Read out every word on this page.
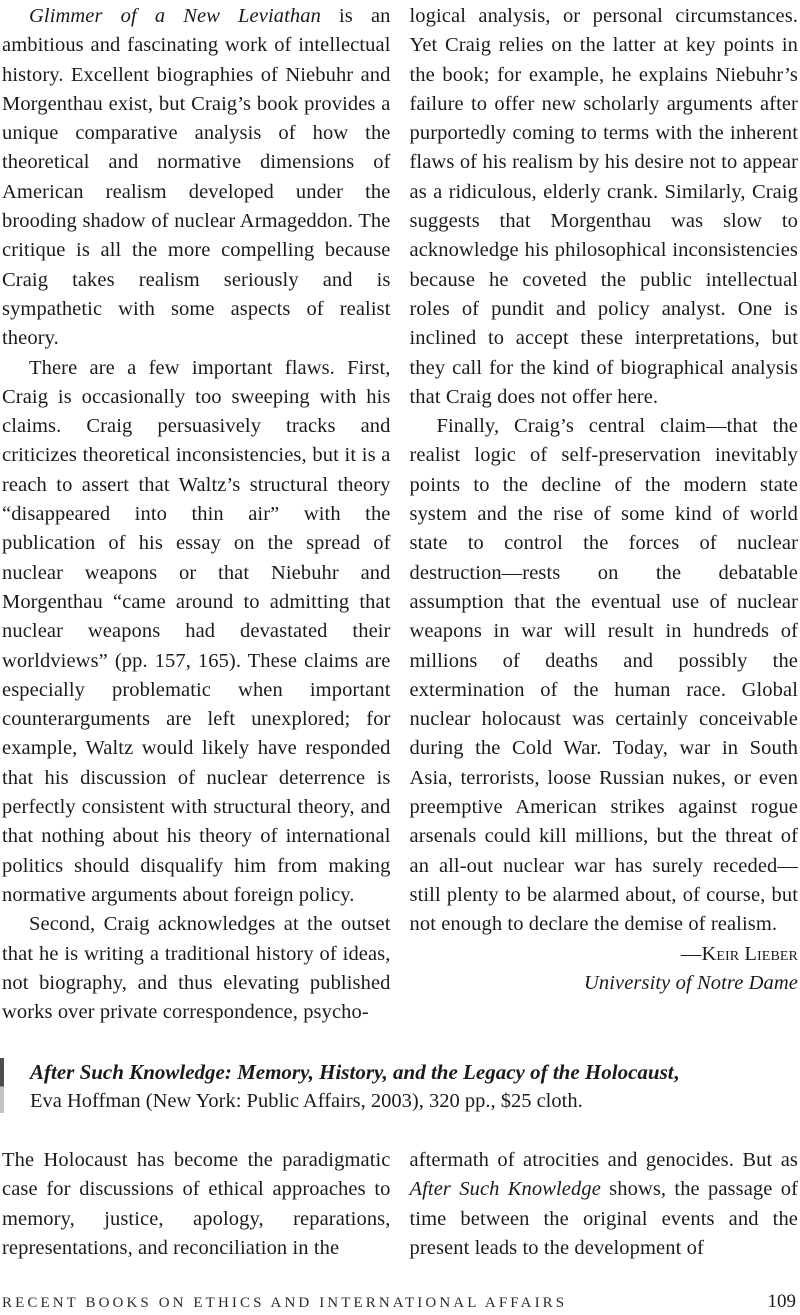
Glimmer of a New Leviathan is an ambitious and fascinating work of intellectual history. Excellent biographies of Niebuhr and Morgenthau exist, but Craig’s book provides a unique comparative analysis of how the theoretical and normative dimensions of American realism developed under the brooding shadow of nuclear Armageddon. The critique is all the more compelling because Craig takes realism seriously and is sympathetic with some aspects of realist theory.

There are a few important flaws. First, Craig is occasionally too sweeping with his claims. Craig persuasively tracks and criticizes theoretical inconsistencies, but it is a reach to assert that Waltz’s structural theory “disappeared into thin air” with the publication of his essay on the spread of nuclear weapons or that Niebuhr and Morgenthau “came around to admitting that nuclear weapons had devastated their worldviews” (pp. 157, 165). These claims are especially problematic when important counterarguments are left unexplored; for example, Waltz would likely have responded that his discussion of nuclear deterrence is perfectly consistent with structural theory, and that nothing about his theory of international politics should disqualify him from making normative arguments about foreign policy.

Second, Craig acknowledges at the outset that he is writing a traditional history of ideas, not biography, and thus elevating published works over private correspondence, psycho-

logical analysis, or personal circumstances. Yet Craig relies on the latter at key points in the book; for example, he explains Niebuhr’s failure to offer new scholarly arguments after purportedly coming to terms with the inherent flaws of his realism by his desire not to appear as a ridiculous, elderly crank. Similarly, Craig suggests that Morgenthau was slow to acknowledge his philosophical inconsistencies because he coveted the public intellectual roles of pundit and policy analyst. One is inclined to accept these interpretations, but they call for the kind of biographical analysis that Craig does not offer here.

Finally, Craig’s central claim—that the realist logic of self-preservation inevitably points to the decline of the modern state system and the rise of some kind of world state to control the forces of nuclear destruction—rests on the debatable assumption that the eventual use of nuclear weapons in war will result in hundreds of millions of deaths and possibly the extermination of the human race. Global nuclear holocaust was certainly conceivable during the Cold War. Today, war in South Asia, terrorists, loose Russian nukes, or even preemptive American strikes against rogue arsenals could kill millions, but the threat of an all-out nuclear war has surely receded—still plenty to be alarmed about, of course, but not enough to declare the demise of realism.

—Keir Lieber

University of Notre Dame

After Such Knowledge: Memory, History, and the Legacy of the Holocaust,

Eva Hoffman (New York: Public Affairs, 2003), 320 pp., $25 cloth.

The Holocaust has become the paradigmatic case for discussions of ethical approaches to memory, justice, apology, reparations, representations, and reconciliation in the

aftermath of atrocities and genocides. But as After Such Knowledge shows, the passage of time between the original events and the present leads to the development of

RECENT BOOKS ON ETHICS AND INTERNATIONAL AFFAIRS	109
